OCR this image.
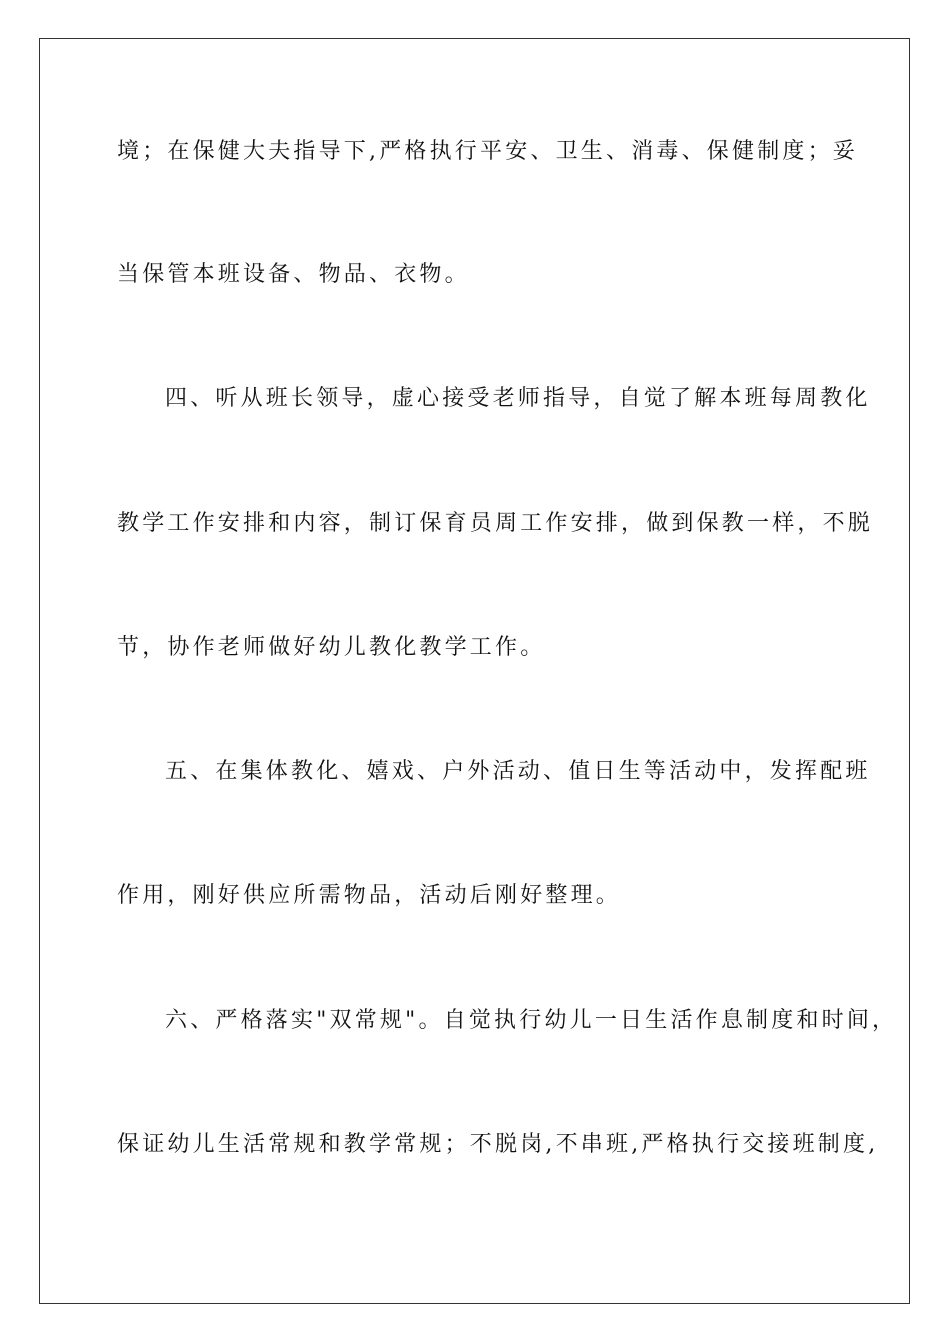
境；在保健大夫指导下,严格执行平安、卫生、消毒、保健制度；妥
当保管本班设备、物品、衣物。
四、听从班长领导，虚心接受老师指导，自觉了解本班每周教化
教学工作安排和内容，制订保育员周工作安排，做到保教一样，不脱
节，协作老师做好幼儿教化教学工作。
五、在集体教化、嬉戏、户外活动、值日生等活动中，发挥配班
作用，刚好供应所需物品，活动后刚好整理。
六、严格落实"双常规"。自觉执行幼儿一日生活作息制度和时间，
保证幼儿生活常规和教学常规；不脱岗,不串班,严格执行交接班制度,
